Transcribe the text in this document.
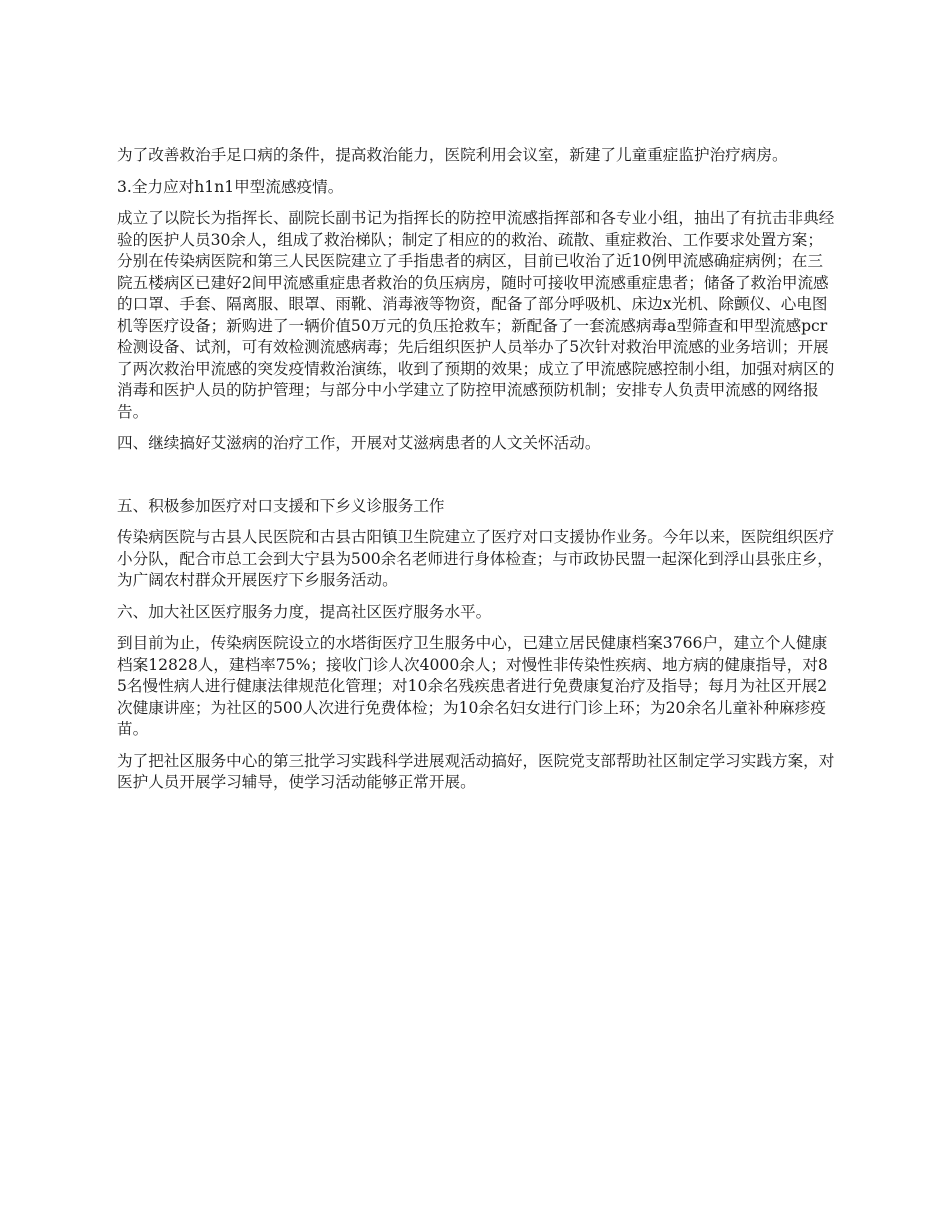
为了改善救治手足口病的条件，提高救治能力，医院利用会议室，新建了儿童重症监护治疗病房。

3.全力应对h1n1甲型流感疫情。

成立了以院长为指挥长、副院长副书记为指挥长的防控甲流感指挥部和各专业小组，抽出了有抗击非典经验的医护人员30余人，组成了救治梯队；制定了相应的的救治、疏散、重症救治、工作要求处置方案；分别在传染病医院和第三人民医院建立了手指患者的病区，目前已收治了近10例甲流感确症病例；在三院五楼病区已建好2间甲流感重症患者救治的负压病房，随时可接收甲流感重症患者；储备了救治甲流感的口罩、手套、隔离服、眼罩、雨靴、消毒液等物资，配备了部分呼吸机、床边x光机、除颤仪、心电图机等医疗设备；新购进了一辆价值50万元的负压抢救车；新配备了一套流感病毒a型筛查和甲型流感pcr检测设备、试剂，可有效检测流感病毒；先后组织医护人员举办了5次针对救治甲流感的业务培训；开展了两次救治甲流感的突发疫情救治演练，收到了预期的效果；成立了甲流感院感控制小组，加强对病区的消毒和医护人员的防护管理；与部分中小学建立了防控甲流感预防机制；安排专人负责甲流感的网络报告。

四、继续搞好艾滋病的治疗工作，开展对艾滋病患者的人文关怀活动。

五、积极参加医疗对口支援和下乡义诊服务工作

传染病医院与古县人民医院和古县古阳镇卫生院建立了医疗对口支援协作业务。今年以来，医院组织医疗小分队，配合市总工会到大宁县为500余名老师进行身体检查；与市政协民盟一起深化到浮山县张庄乡，为广阔农村群众开展医疗下乡服务活动。

六、加大社区医疗服务力度，提高社区医疗服务水平。

到目前为止，传染病医院设立的水塔街医疗卫生服务中心，已建立居民健康档案3766户，建立个人健康档案12828人，建档率75%；接收门诊人次4000余人；对慢性非传染性疾病、地方病的健康指导，对85名慢性病人进行健康法律规范化管理；对10余名残疾患者进行免费康复治疗及指导；每月为社区开展2次健康讲座；为社区的500人次进行免费体检；为10余名妇女进行门诊上环；为20余名儿童补种麻疹疫苗。

为了把社区服务中心的第三批学习实践科学进展观活动搞好，医院党支部帮助社区制定学习实践方案，对医护人员开展学习辅导，使学习活动能够正常开展。
